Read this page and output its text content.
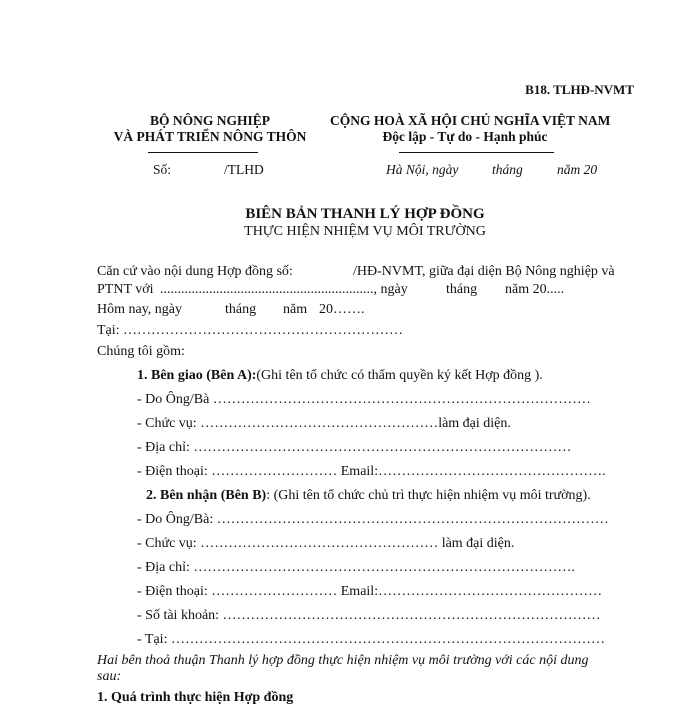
B18. TLHĐ-NVMT
BỘ NÔNG NGHIỆP
VÀ PHÁT TRIỂN NÔNG THÔN
Số:	/TLHD
CỘNG HOÀ XÃ HỘI CHỦ NGHĨA VIỆT NAM
Độc lập - Tự do - Hạnh phúc
Hà Nội, ngày tháng	năm 20
BIÊN BẢN THANH LÝ HỢP ĐỒNG
THỰC HIỆN NHIỆM VỤ MÔI TRƯỜNG
Căn cứ vào nội dung Hợp đồng số:	/HĐ-NVMT, giữa đại diện Bộ Nông nghiệp và
PTNT với ............................................................., ngày	tháng năm 20.....
Hôm nay, ngày	tháng năm 20…….
Tại: ……………………………………………………
Chúng tôi gồm:
1. Bên giao (Bên A):(Ghi tên tổ chức có thẩm quyền ký kết Hợp đồng ).
- Do Ông/Bà ………………………………………………………………………
- Chức vụ: ……………………………………………làm đại diện.
- Địa chỉ: ………………………………………………………………………
- Điện thoại: ……………………… Email:………………………………………….
2. Bên nhận (Bên B): (Ghi tên tổ chức chủ trì thực hiện nhiệm vụ môi trường).
- Do Ông/Bà: …………………………………………………………………………
- Chức vụ: …………………………………………… làm đại diện.
- Địa chỉ: ……………………………………………………………………….
- Điện thoại: ……………………… Email:…………………………………………
- Số tài khoản: ………………………………………………………………………
- Tại: …………………………………………………………………………………
Hai bên thoả thuận Thanh lý hợp đồng thực hiện nhiệm vụ môi trường với các nội dung
sau:
1. Quá trình thực hiện Hợp đồng
